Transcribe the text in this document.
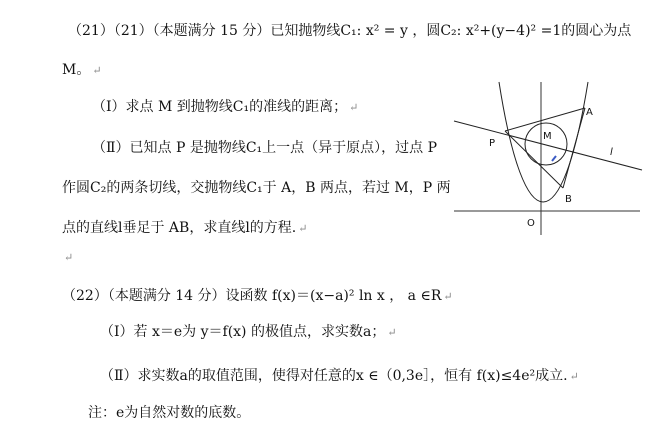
（21）（21）（本题满分 15 分）已知抛物线C₁: x² = y ，圆C₂: x²+(y−4)² =1的圆心为点
M。 ↵
（Ⅰ）求点 M 到抛物线C₁的准线的距离； ↵
（Ⅱ）已知点 P 是抛物线C₁上一点（异于原点），过点 P
作圆C₂的两条切线，交抛物线C₁于 A，B 两点，若过 M，P 两
点的直线l垂足于 AB，求直线l的方程. ↵
↵
（22）（本题满分 14 分）设函数 f(x)＝(x−a)² ln x ， a ∈R ↵
（Ⅰ）若 x＝e为 y＝f(x) 的极值点，求实数a； ↵
（Ⅱ）求实数a的取值范围，使得对任意的x ∈（0,3e］，恒有 f(x)≤4e²成立. ↵
注：e为自然对数的底数。
A
B
P
M
O
l
